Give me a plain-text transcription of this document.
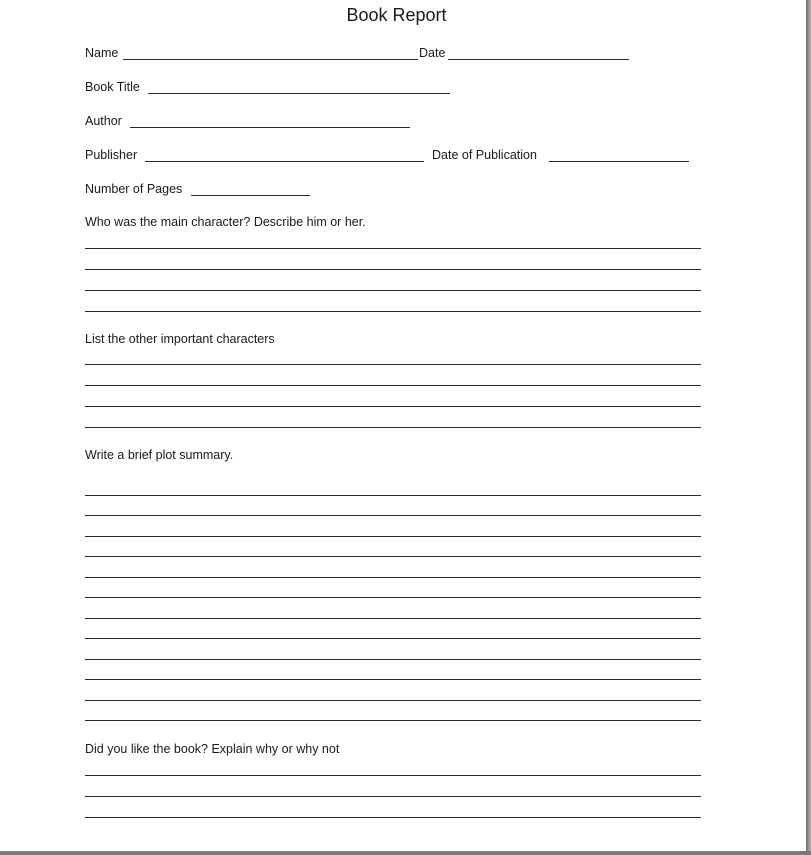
Book Report
Name	Date
Book Title
Author
Publisher	Date of Publication
Number of Pages
Who was the main character? Describe him or her.
List the other important characters
Write a brief plot summary.
Did you like the book? Explain why or why not
